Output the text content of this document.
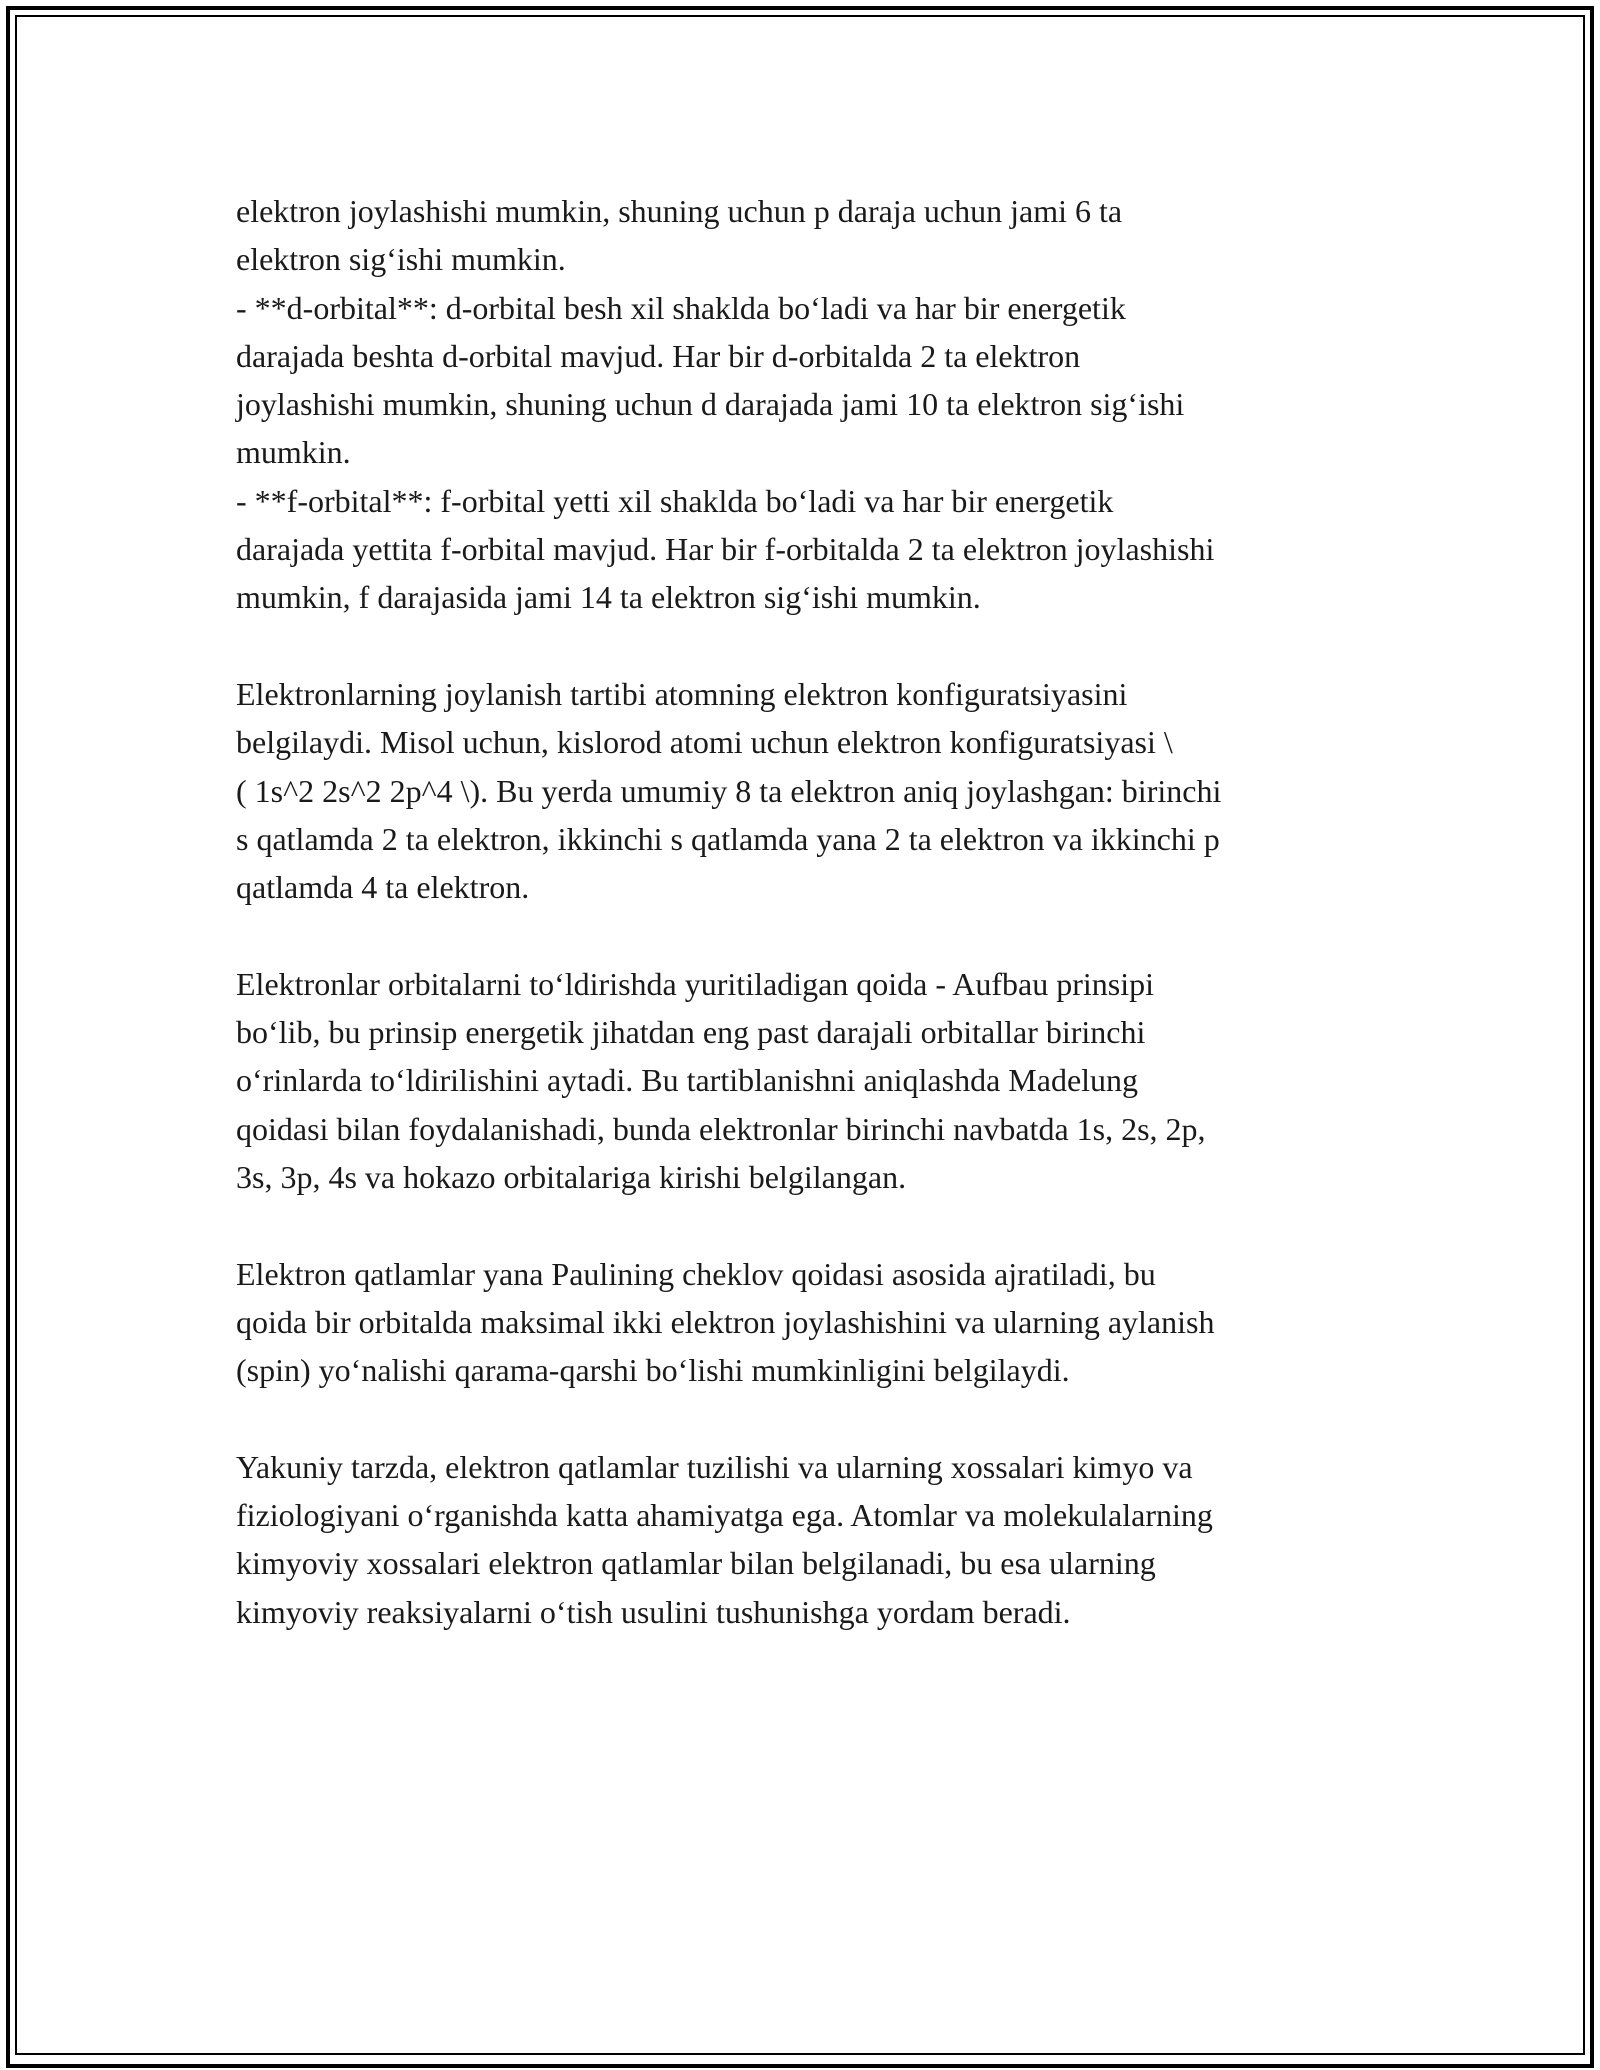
elektron joylashishi mumkin, shuning uchun p daraja uchun jami 6 ta
elektron sig‘ishi mumkin.
- **d-orbital**: d-orbital besh xil shaklda bo‘ladi va har bir energetik
darajada beshta d-orbital mavjud. Har bir d-orbitalda 2 ta elektron
joylashishi mumkin, shuning uchun d darajada jami 10 ta elektron sig‘ishi
mumkin.
- **f-orbital**: f-orbital yetti xil shaklda bo‘ladi va har bir energetik
darajada yettita f-orbital mavjud. Har bir f-orbitalda 2 ta elektron joylashishi
mumkin, f darajasida jami 14 ta elektron sig‘ishi mumkin.
Elektronlarning joylanish tartibi atomning elektron konfiguratsiyasini
belgilaydi. Misol uchun, kislorod atomi uchun elektron konfiguratsiyasi \
( 1s^2 2s^2 2p^4 \). Bu yerda umumiy 8 ta elektron aniq joylashgan: birinchi
s qatlamda 2 ta elektron, ikkinchi s qatlamda yana 2 ta elektron va ikkinchi p
qatlamda 4 ta elektron.
Elektronlar orbitalarni to‘ldirishda yuritiladigan qoida - Aufbau prinsipi
bo‘lib, bu prinsip energetik jihatdan eng past darajali orbitallar birinchi
o‘rinlarda to‘ldirilishini aytadi. Bu tartiblanishni aniqlashda Madelung
qoidasi bilan foydalanishadi, bunda elektronlar birinchi navbatda 1s, 2s, 2p,
3s, 3p, 4s va hokazo orbitalariga kirishi belgilangan.
Elektron qatlamlar yana Paulining cheklov qoidasi asosida ajratiladi, bu
qoida bir orbitalda maksimal ikki elektron joylashishini va ularning aylanish
(spin) yo‘nalishi qarama-qarshi bo‘lishi mumkinligini belgilaydi.
Yakuniy tarzda, elektron qatlamlar tuzilishi va ularning xossalari kimyo va
fiziologiyani o‘rganishda katta ahamiyatga ega. Atomlar va molekulalarning
kimyoviy xossalari elektron qatlamlar bilan belgilanadi, bu esa ularning
kimyoviy reaksiyalarni o‘tish usulini tushunishga yordam beradi.
